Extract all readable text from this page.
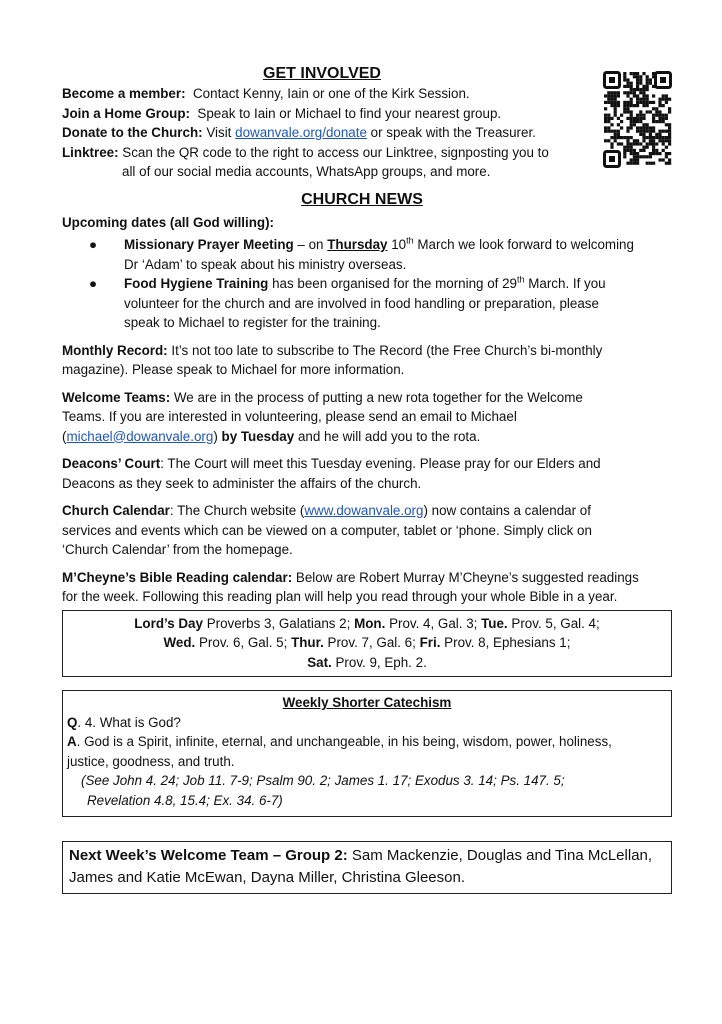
GET INVOLVED
Become a member: Contact Kenny, Iain or one of the Kirk Session.
Join a Home Group: Speak to Iain or Michael to find your nearest group.
Donate to the Church: Visit dowanvale.org/donate or speak with the Treasurer.
Linktree: Scan the QR code to the right to access our Linktree, signposting you to
all of our social media accounts, WhatsApp groups, and more.
CHURCH NEWS
Upcoming dates (all God willing):
● Missionary Prayer Meeting – on Thursday 10th March we look forward to welcoming
Dr ‘Adam’ to speak about his ministry overseas.
● Food Hygiene Training has been organised for the morning of 29th March. If you
volunteer for the church and are involved in food handling or preparation, please
speak to Michael to register for the training.

Monthly Record: It’s not too late to subscribe to The Record (the Free Church’s bi-monthly
magazine). Please speak to Michael for more information.

Welcome Teams: We are in the process of putting a new rota together for the Welcome
Teams. If you are interested in volunteering, please send an email to Michael
(michael@dowanvale.org) by Tuesday and he will add you to the rota.

Deacons’ Court: The Court will meet this Tuesday evening. Please pray for our Elders and
Deacons as they seek to administer the affairs of the church.

Church Calendar: The Church website (www.dowanvale.org) now contains a calendar of
services and events which can be viewed on a computer, tablet or ‘phone. Simply click on
‘Church Calendar’ from the homepage.

M’Cheyne’s Bible Reading calendar: Below are Robert Murray M’Cheyne’s suggested readings
for the week. Following this reading plan will help you read through your whole Bible in a year.

Lord’s Day Proverbs 3, Galatians 2; Mon. Prov. 4, Gal. 3; Tue. Prov. 5, Gal. 4;
Wed. Prov. 6, Gal. 5; Thur. Prov. 7, Gal. 6; Fri. Prov. 8, Ephesians 1;
Sat. Prov. 9, Eph. 2.
Weekly Shorter Catechism
Q. 4. What is God?
A. God is a Spirit, infinite, eternal, and unchangeable, in his being, wisdom, power, holiness,
justice, goodness, and truth.
(See John 4. 24; Job 11. 7-9; Psalm 90. 2; James 1. 17; Exodus 3. 14; Ps. 147. 5;
Revelation 4.8, 15.4; Ex. 34. 6-7)
Next Week’s Welcome Team – Group 2: Sam Mackenzie, Douglas and Tina McLellan,
James and Katie McEwan, Dayna Miller, Christina Gleeson.
